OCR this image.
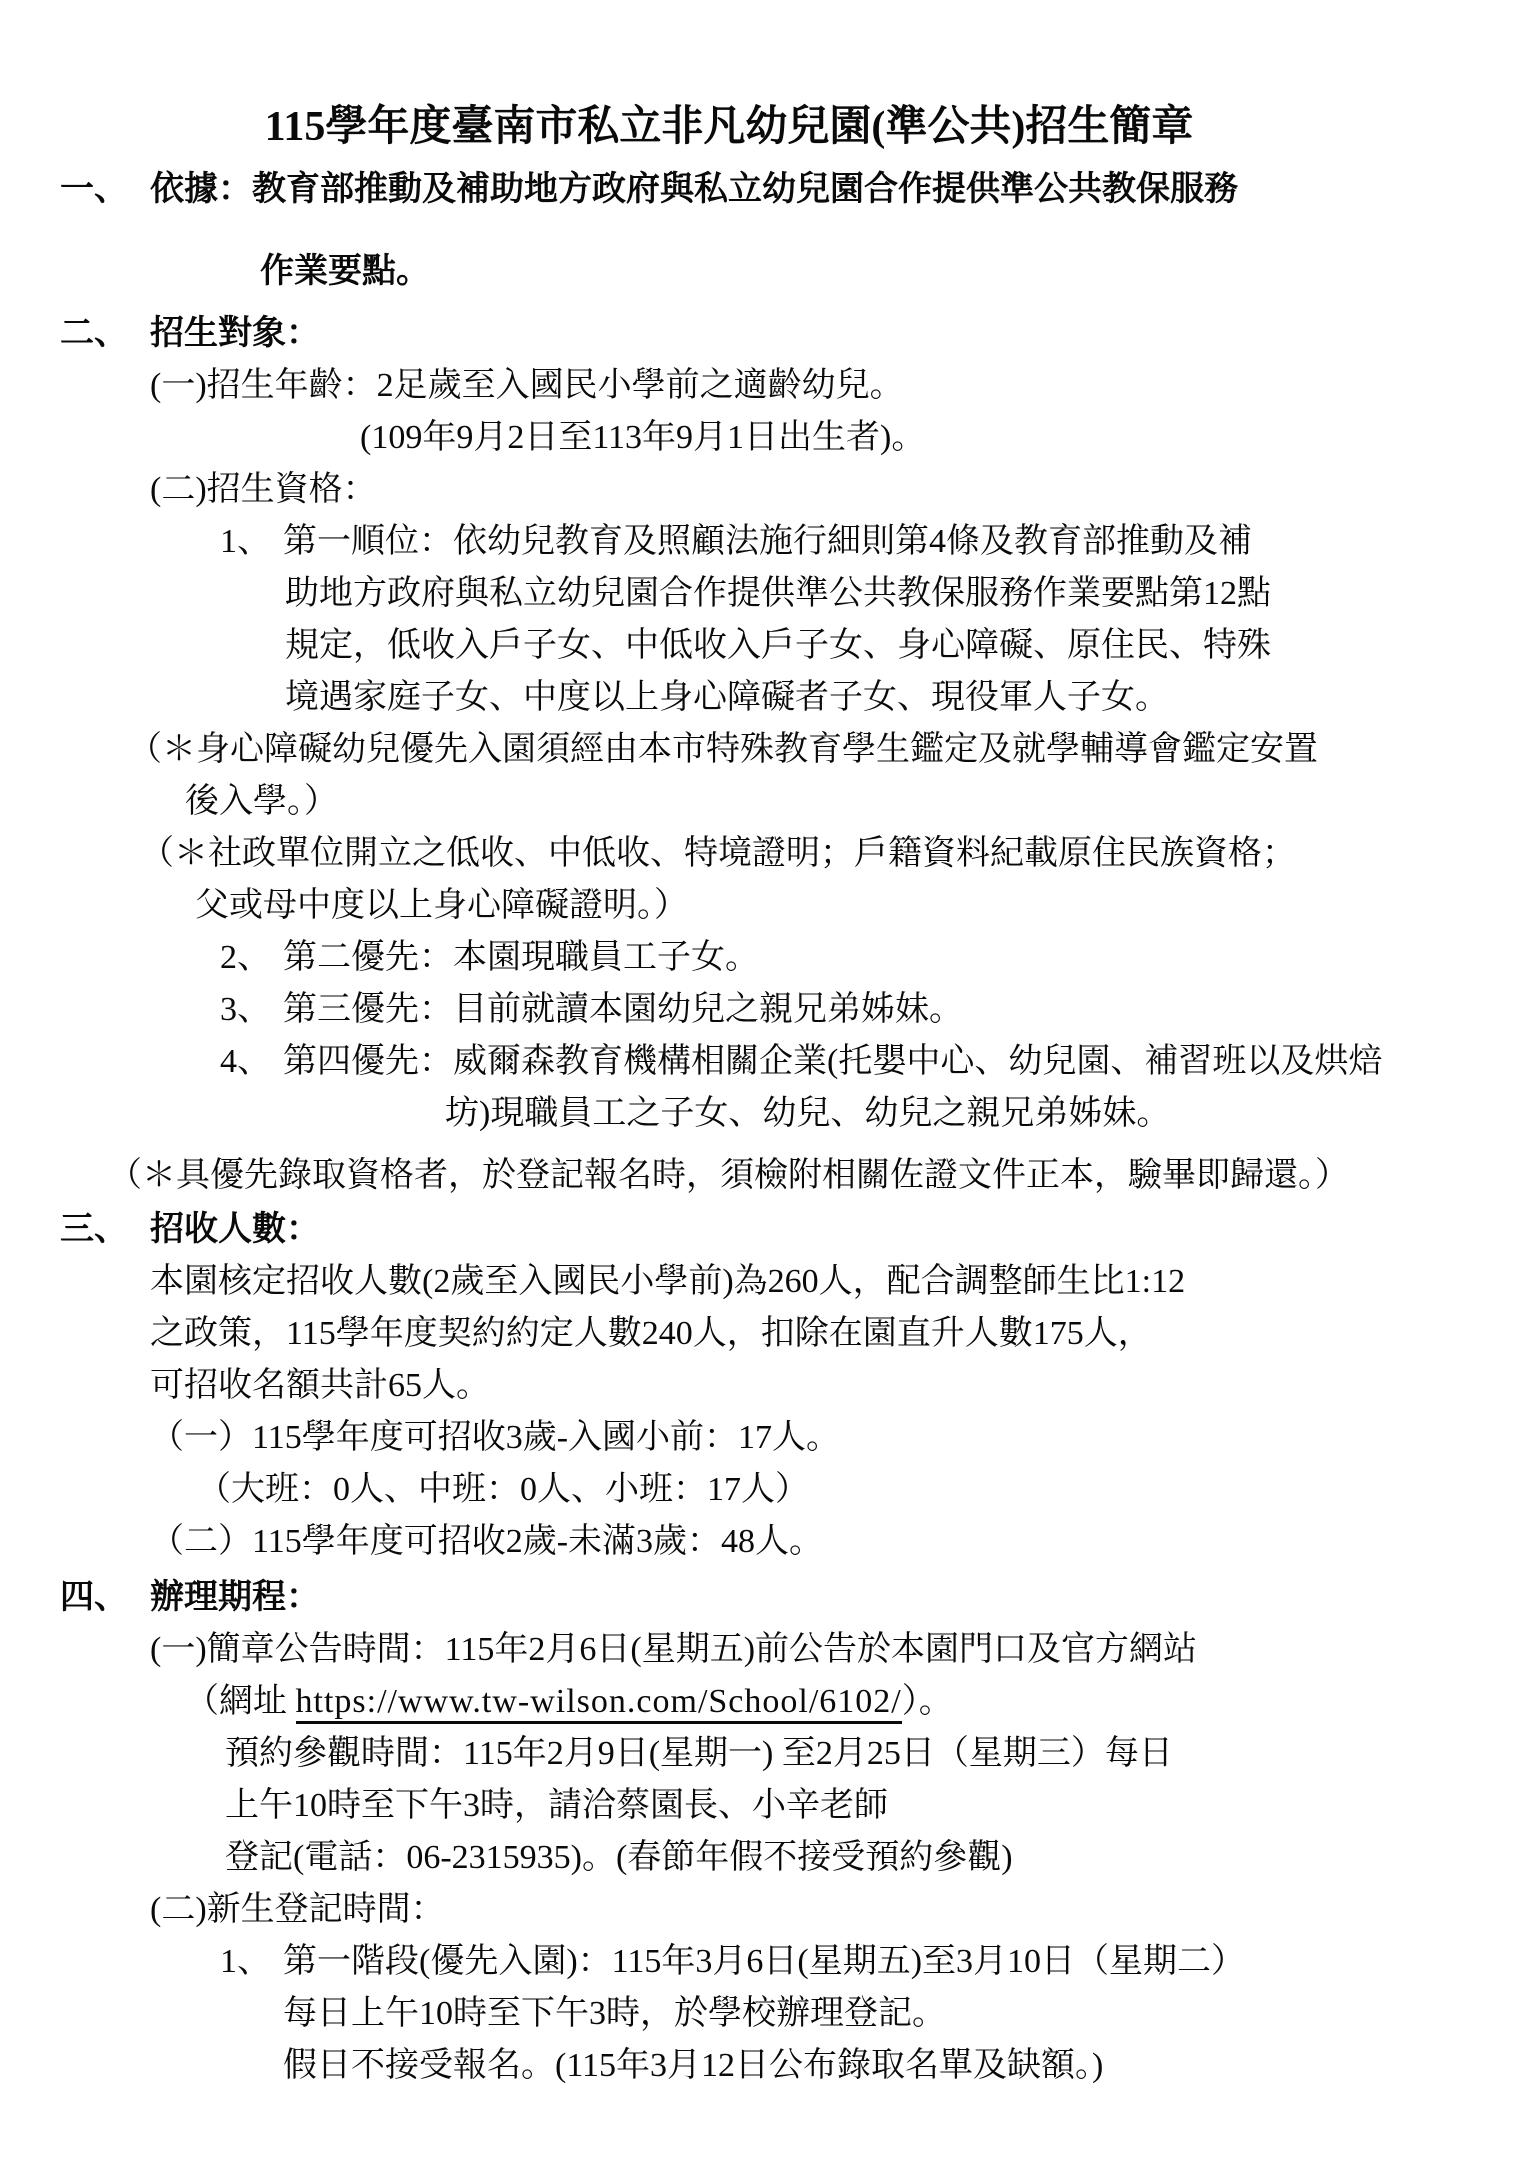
115學年度臺南市私立非凡幼兒園(準公共)招生簡章
一、 依據：教育部推動及補助地方政府與私立幼兒園合作提供準公共教保服務
作業要點。
二、 招生對象：
(一)招生年齡：2足歲至入國民小學前之適齡幼兒。
(109年9月2日至113年9月1日出生者)。
(二)招生資格：
1、 第一順位：依幼兒教育及照顧法施行細則第4條及教育部推動及補
助地方政府與私立幼兒園合作提供準公共教保服務作業要點第12點
規定，低收入戶子女、中低收入戶子女、身心障礙、原住民、特殊
境遇家庭子女、中度以上身心障礙者子女、現役軍人子女。
（＊身心障礙幼兒優先入園須經由本市特殊教育學生鑑定及就學輔導會鑑定安置
後入學。）
（＊社政單位開立之低收、中低收、特境證明；戶籍資料紀載原住民族資格；
父或母中度以上身心障礙證明。）
2、 第二優先：本園現職員工子女。
3、 第三優先：目前就讀本園幼兒之親兄弟姊妹。
4、 第四優先：威爾森教育機構相關企業(托嬰中心、幼兒園、補習班以及烘焙
坊)現職員工之子女、幼兒、幼兒之親兄弟姊妹。
（＊具優先錄取資格者，於登記報名時，須檢附相關佐證文件正本，驗畢即歸還。）
三、 招收人數：
本園核定招收人數(2歲至入國民小學前)為260人，配合調整師生比1:12
之政策，115學年度契約約定人數240人，扣除在園直升人數175人，
可招收名額共計65人。
（一）115學年度可招收3歲-入國小前：17人。
（大班：0人、中班：0人、小班：17人）
（二）115學年度可招收2歲-未滿3歲：48人。
四、 辦理期程：
(一)簡章公告時間：115年2月6日(星期五)前公告於本園門口及官方網站
（網址 https://www.tw-wilson.com/School/6102/）。
預約參觀時間：115年2月9日(星期一) 至2月25日（星期三）每日
上午10時至下午3時，請洽蔡園長、小辛老師
登記(電話：06-2315935)。(春節年假不接受預約參觀)
(二)新生登記時間：
1、 第一階段(優先入園)：115年3月6日(星期五)至3月10日（星期二）
每日上午10時至下午3時，於學校辦理登記。
假日不接受報名。(115年3月12日公布錄取名單及缺額。)
